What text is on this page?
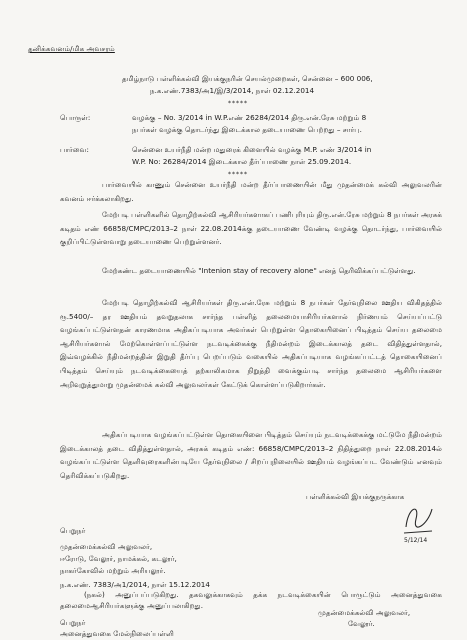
தனிக்கவனம்/மிக அவசரம்
தமிழ்நாடு பள்ளிக்கல்வி இயக்குநரின் செயல்முறைகள், சென்னை – 600 006,
ந.க.எண்.7383/அ1/இ/3/2014, நாள் 02.12.2014
*****
பொருள்:	வழக்கு – No. 3/2014 in W.P.எண் 26284/2014 திரு.என்.ரேசு மற்றும் 8
நபர்கள் வழக்கு தொடர்ந்து இடைக்கால தடையாணை பெற்றது – சார்பு.
பார்வை:	சென்னை உயர்நீதி மன்ற மதுரைக் கிளையில் வழக்கு M.P. எண் 3/2014 in
W.P. No: 26284/2014 இடைக்கால தீர்ப்பாணை நாள் 25.09.2014.
*****
பார்வையில் காணும் சென்னை உயர்நீதி மன்ற தீர்ப்பாணையின் மீது முதன்மைக் கல்வி அலுவலரின் கவனம் ஈர்க்கலாகிறது.
மேற்படி பள்ளிகளில் தொழிற்கல்வி ஆசிரியர்களாகப் பணிபுரியும் திரு.என்.ரேசு மற்றும் 8 நபர்கள் அரசுக் கடிதம் எண் 66858/CMPC/2013–2 நாள் 22.08.2014க்கு தடையாணை வேண்டி வழக்கு தொடர்ந்து, பார்வையில் குறிப்பிட்டுள்ளவாறு தடையாணை பெற்றுள்ளனர்.
மேற்கண்ட தடையாணையில் "Intenion stay of recovery alone" எனத் தெரிவிக்கப்பட்டுள்ளது.
மேற்படி தொழிற்கல்வி ஆசிரியர்கள் திரு.என்.ரேசு மற்றும் 8 நபர்கள் தேர்வுநிலை ஊதிய விகிதத்தில் ரூ.5400/– தர ஊதியம் தவறுதலாக சார்ந்த பள்ளித் தலைமையாசிரியர்களால் நிர்ணயம் செய்யப்பட்டு வழங்கப்பட்டுள்ளதன் காரணமாக அதிகப்படியாக அவர்கள் பெற்றுள்ள தொகையினைப் பிடித்தம் செய்ய தலைமை ஆசிரியர்களால் மேற்கொள்ளப்பட்டுள்ள நடவடிக்கைக்கு நீதிமன்றம் இடைக்காலத் தடை விதித்துள்ளதால், இவ்வழக்கில் நீதிமன்றத்தின் இறுதி தீர்ப்பு பெறப்படும் வகையில் அதிகப்படியாக வழங்கப்பட்டத் தொகையினைப் பிடித்தம் செய்யும் நடவடிக்கையைத் தற்காலிகமாக நிறுத்தி வைக்கும்படி சார்ந்த தலைமை ஆசிரியர்களை அறிவுறுத்துமாறு முதன்மைக் கல்வி அலுவலர்கள் கேட்டுக் கொள்ளப்படுகிறார்கள்.
அதிகப்படியாக வழங்கப்பட்டுள்ள தொகையினை பிடித்தம் செய்யும் நடவடிக்கைக்கு மட்டுமே நீதிமன்றம் இடைக்காலத் தடை விதித்துள்ளதால், அரசுக் கடிதம் எண்: 66858/CMPC/2013–2 நிதித்துறை நாள் 22.08.2014ல் வழங்கப்பட்டுள்ள தெளிவுரைகளின்படியே தேர்வுநிலை / சிறப்புநிலையில் ஊதியம் வழங்கப்பட வேண்டும் எனவும் தெரிவிக்கப்படுகிறது.
பள்ளிக்கல்வி இயக்குநருக்காக
5/12/14
பெறுநர்
முதன்மைக்கல்வி அலுவலர்,
ஈரோடு, வேலூர், நாமக்கல், கடலூர்,
நாகர்கோவில் மற்றும் அரியலூர்.
ந.க.எண். 7383/அ1/2014, நாள் 15.12.2014
(நகல்) அனுப்பப்படுகிறது. தகவலுக்காகவும் தக்க நடவடிக்கையின் பொருட்டும் அனைத்துவகை தலைமைஆசிரியர்களுக்கு அனுப்பலாகிறது.
முதன்மைக்கல்வி அலுவலர்,
வேலூர்.
பெறுநர்
அனைத்துவகை மேல்நிலைப்பள்ளி
